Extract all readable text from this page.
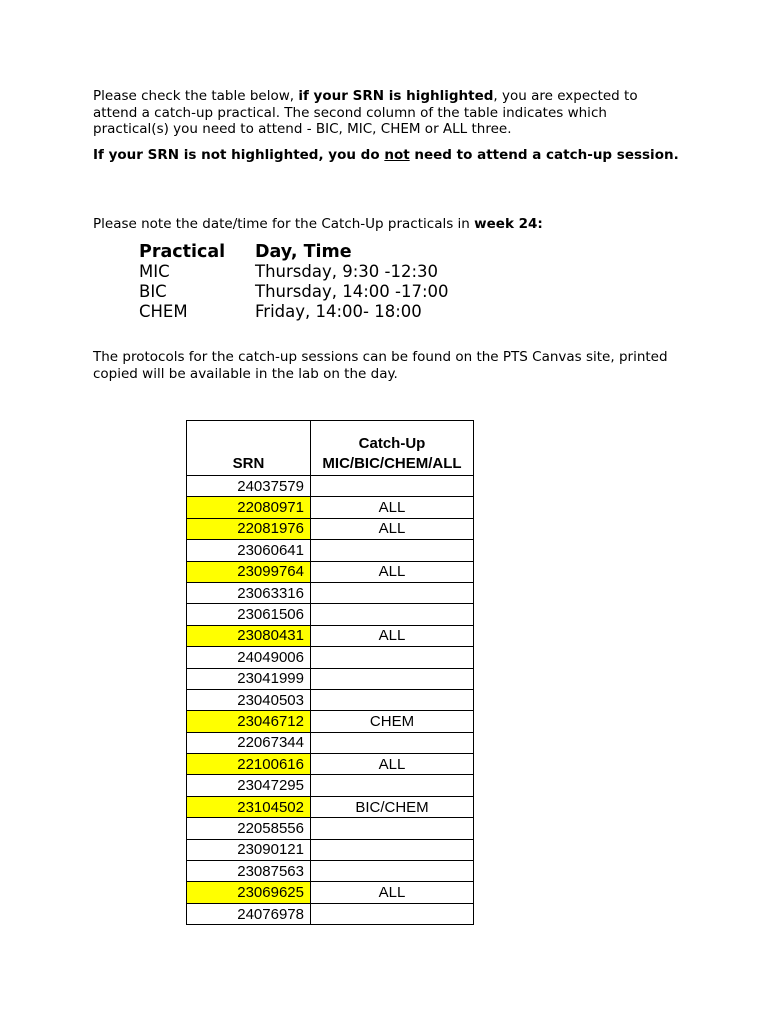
Please check the table below, if your SRN is highlighted, you are expected to attend a catch-up practical. The second column of the table indicates which practical(s) you need to attend - BIC, MIC, CHEM or ALL three.

If your SRN is not highlighted, you do not need to attend a catch-up session.

Please note the date/time for the Catch-Up practicals in week 24:

Practical	Day, Time
MIC	Thursday, 9:30 -12:30
BIC	Thursday, 14:00 -17:00
CHEM	Friday, 14:00- 18:00

The protocols for the catch-up sessions can be found on the PTS Canvas site, printed copied will be available in the lab on the day.

SRN	Catch-Up
MIC/BIC/CHEM/ALL
24037579	
22080971	ALL
22081976	ALL
23060641	
23099764	ALL
23063316	
23061506	
23080431	ALL
24049006	
23041999	
23040503	
23046712	CHEM
22067344	
22100616	ALL
23047295	
23104502	BIC/CHEM
22058556	
23090121	
23087563	
23069625	ALL
24076978	
